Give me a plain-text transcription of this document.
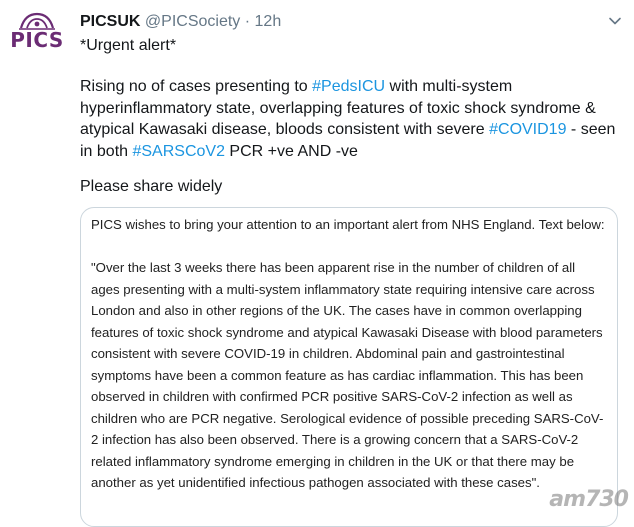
PICS
PICSUK @PICSociety · 12h
*Urgent alert*
Rising no of cases presenting to #PedsICU with multi-system hyperinflammatory state, overlapping features of toxic shock syndrome & atypical Kawasaki disease, bloods consistent with severe #COVID19 - seen in both #SARSCoV2 PCR +ve AND -ve
Please share widely

PICS wishes to bring your attention to an important alert from NHS England. Text below:

"Over the last 3 weeks there has been apparent rise in the number of children of all ages presenting with a multi-system inflammatory state requiring intensive care across London and also in other regions of the UK. The cases have in common overlapping features of toxic shock syndrome and atypical Kawasaki Disease with blood parameters consistent with severe COVID-19 in children. Abdominal pain and gastrointestinal symptoms have been a common feature as has cardiac inflammation. This has been observed in children with confirmed PCR positive SARS-CoV-2 infection as well as children who are PCR negative. Serological evidence of possible preceding SARS-CoV-2 infection has also been observed. There is a growing concern that a SARS-CoV-2 related inflammatory syndrome emerging in children in the UK or that there may be another as yet unidentified infectious pathogen associated with these cases".

am730
